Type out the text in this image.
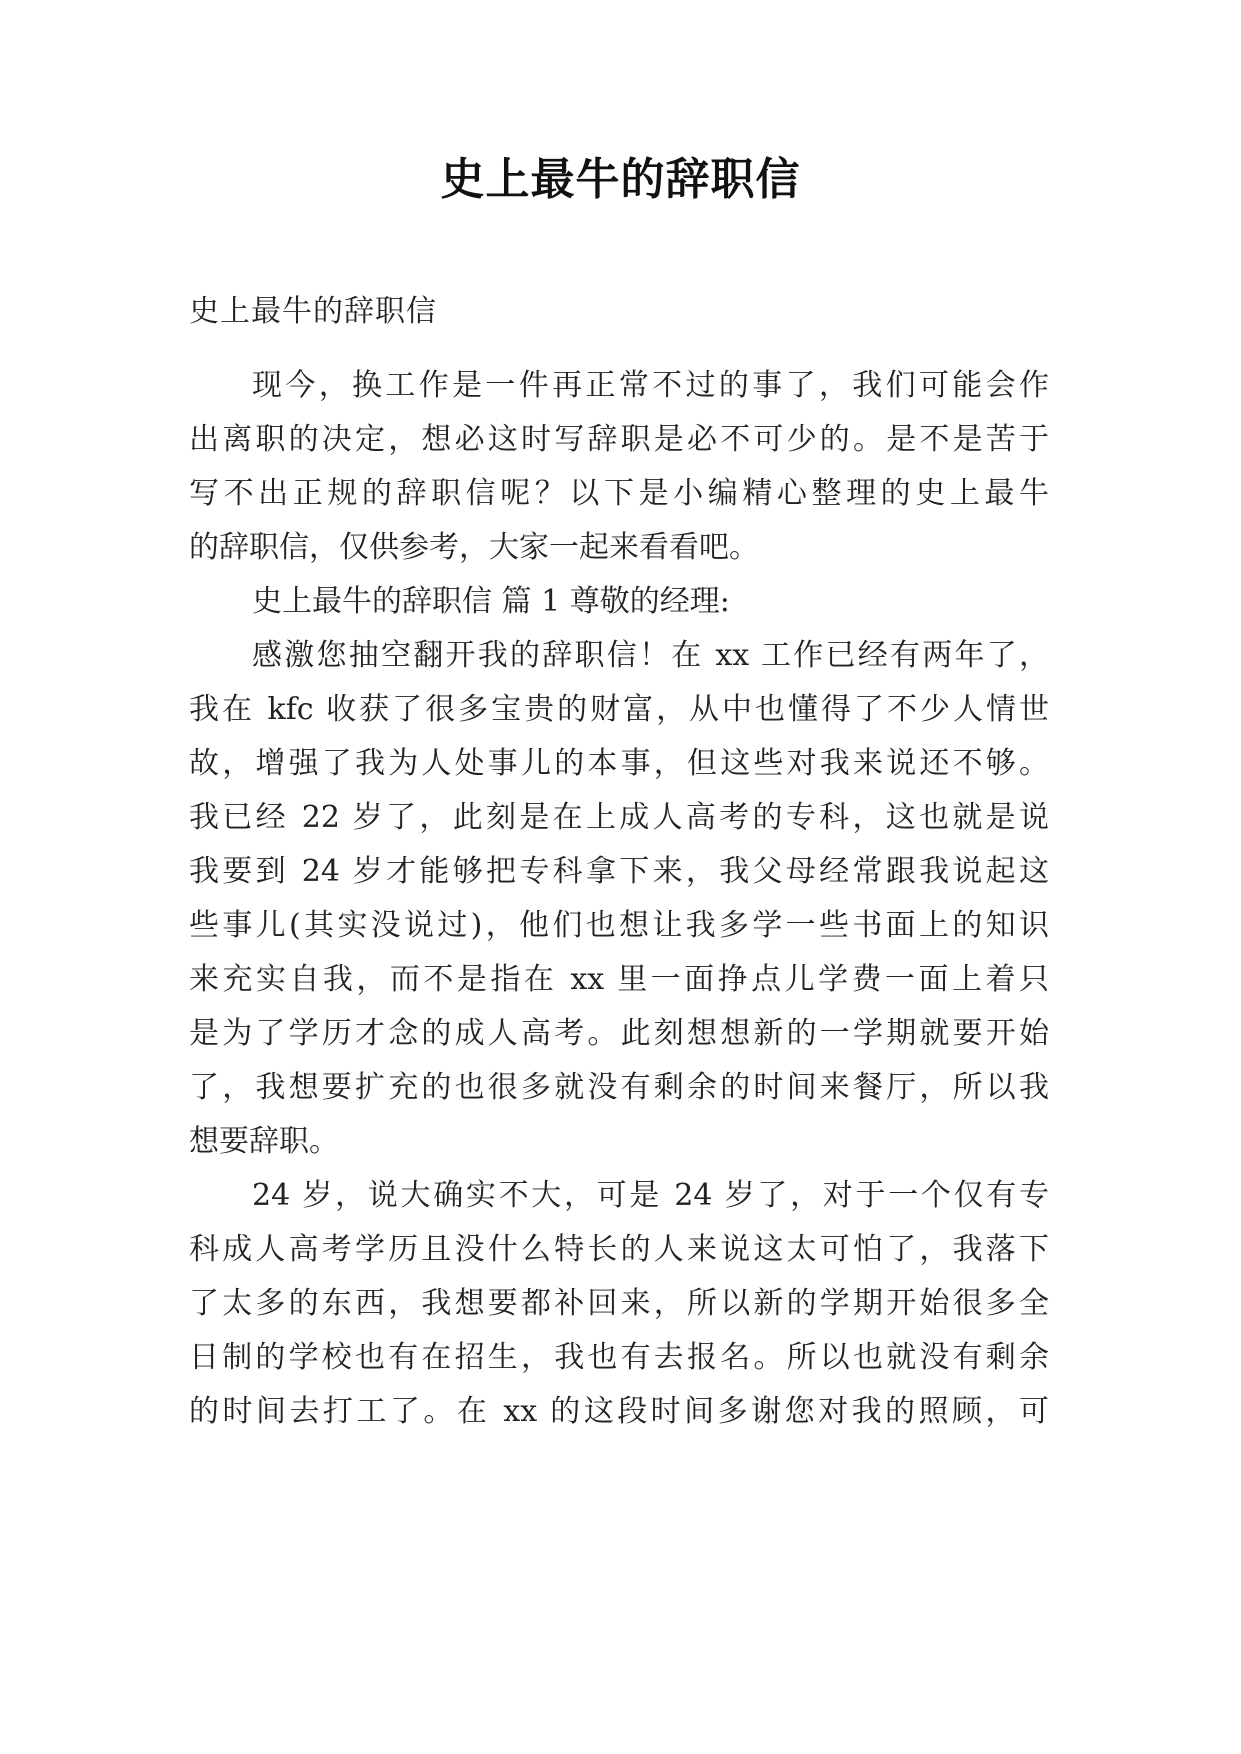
史上最牛的辞职信
史上最牛的辞职信
现今，换工作是一件再正常不过的事了，我们可能会作
出离职的决定，想必这时写辞职是必不可少的。是不是苦于
写不出正规的辞职信呢？以下是小编精心整理的史上最牛
的辞职信，仅供参考，大家一起来看看吧。
史上最牛的辞职信 篇 1 尊敬的经理:
感激您抽空翻开我的辞职信！在 xx 工作已经有两年了，
我在 kfc 收获了很多宝贵的财富，从中也懂得了不少人情世
故，增强了我为人处事儿的本事，但这些对我来说还不够。
我已经 22 岁了，此刻是在上成人高考的专科，这也就是说
我要到 24 岁才能够把专科拿下来，我父母经常跟我说起这
些事儿(其实没说过)，他们也想让我多学一些书面上的知识
来充实自我，而不是指在 xx 里一面挣点儿学费一面上着只
是为了学历才念的成人高考。此刻想想新的一学期就要开始
了，我想要扩充的也很多就没有剩余的时间来餐厅，所以我
想要辞职。
24 岁，说大确实不大，可是 24 岁了，对于一个仅有专
科成人高考学历且没什么特长的人来说这太可怕了，我落下
了太多的东西，我想要都补回来，所以新的学期开始很多全
日制的学校也有在招生，我也有去报名。所以也就没有剩余
的时间去打工了。在 xx 的这段时间多谢您对我的照顾，可
